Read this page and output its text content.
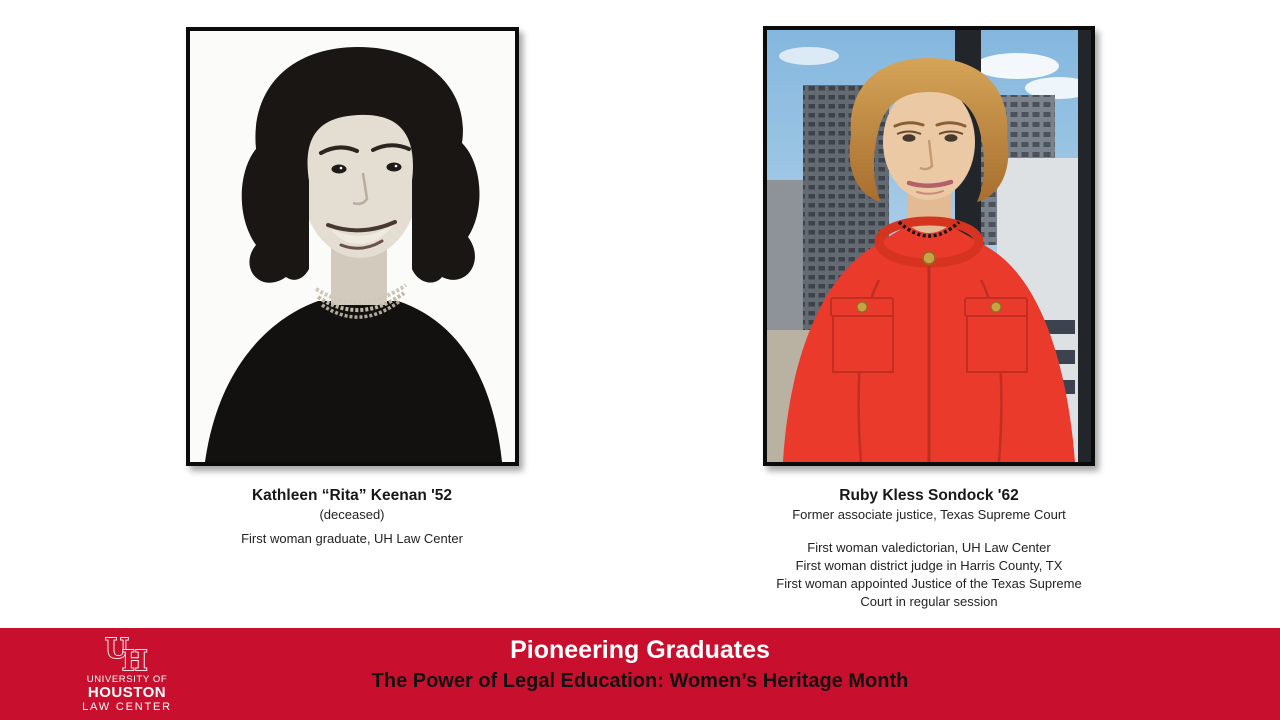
Kathleen “Rita” Keenan '52
(deceased)
First woman graduate, UH Law Center
Ruby Kless Sondock '62
Former associate justice, Texas Supreme Court
First woman valedictorian, UH Law Center
First woman district judge in Harris County, TX
First woman appointed Justice of the Texas Supreme Court in regular session
Pioneering Graduates
The Power of Legal Education: Women’s Heritage Month
U
H
UNIVERSITY OF
HOUSTON
LAW CENTER
